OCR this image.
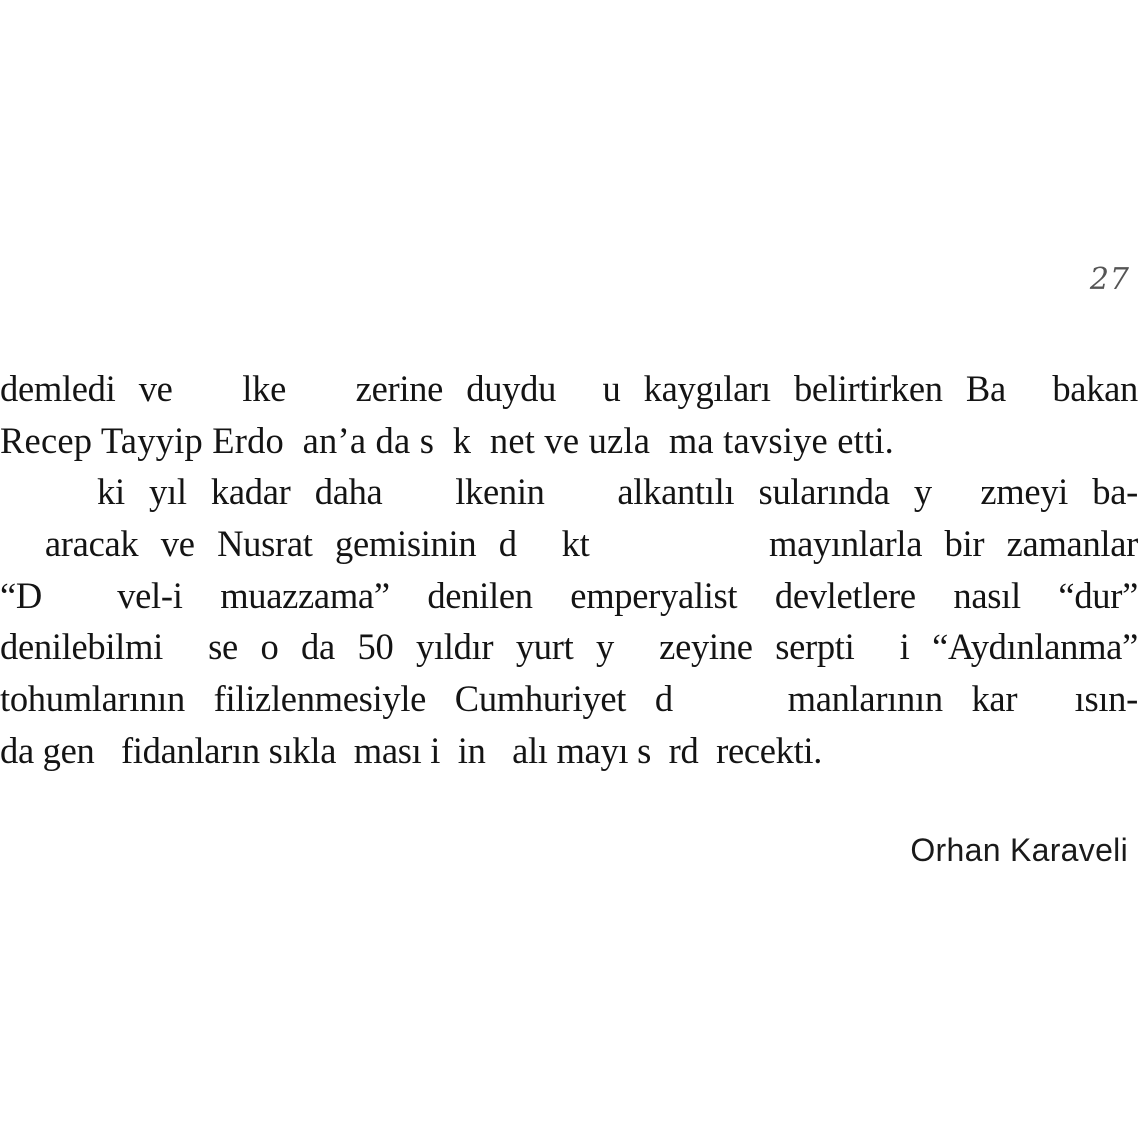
27
demledi ve   lke   zerine duydu  u kaygıları belirtirken Ba  bakan
Recep Tayyip Erdo  an’a da s  k  net ve uzla  ma tavsiye etti.
ki yıl kadar daha   lkenin   alkantılı sularında y  zmeyi ba-
aracak ve Nusrat gemisinin d  kt        mayınlarla bir zamanlar
“D  vel-i muazzama” denilen emperyalist devletlere nasıl “dur”
denilebilmi  se o da 50 yıldır yurt y  zeyine serpti  i “Aydınlanma”
tohumlarının filizlenmesiyle Cumhuriyet d    manlarının kar  ısın-
da gen   fidanların sıkla  ması i  in   alı mayı s  rd  recekti.
Orhan Karaveli
